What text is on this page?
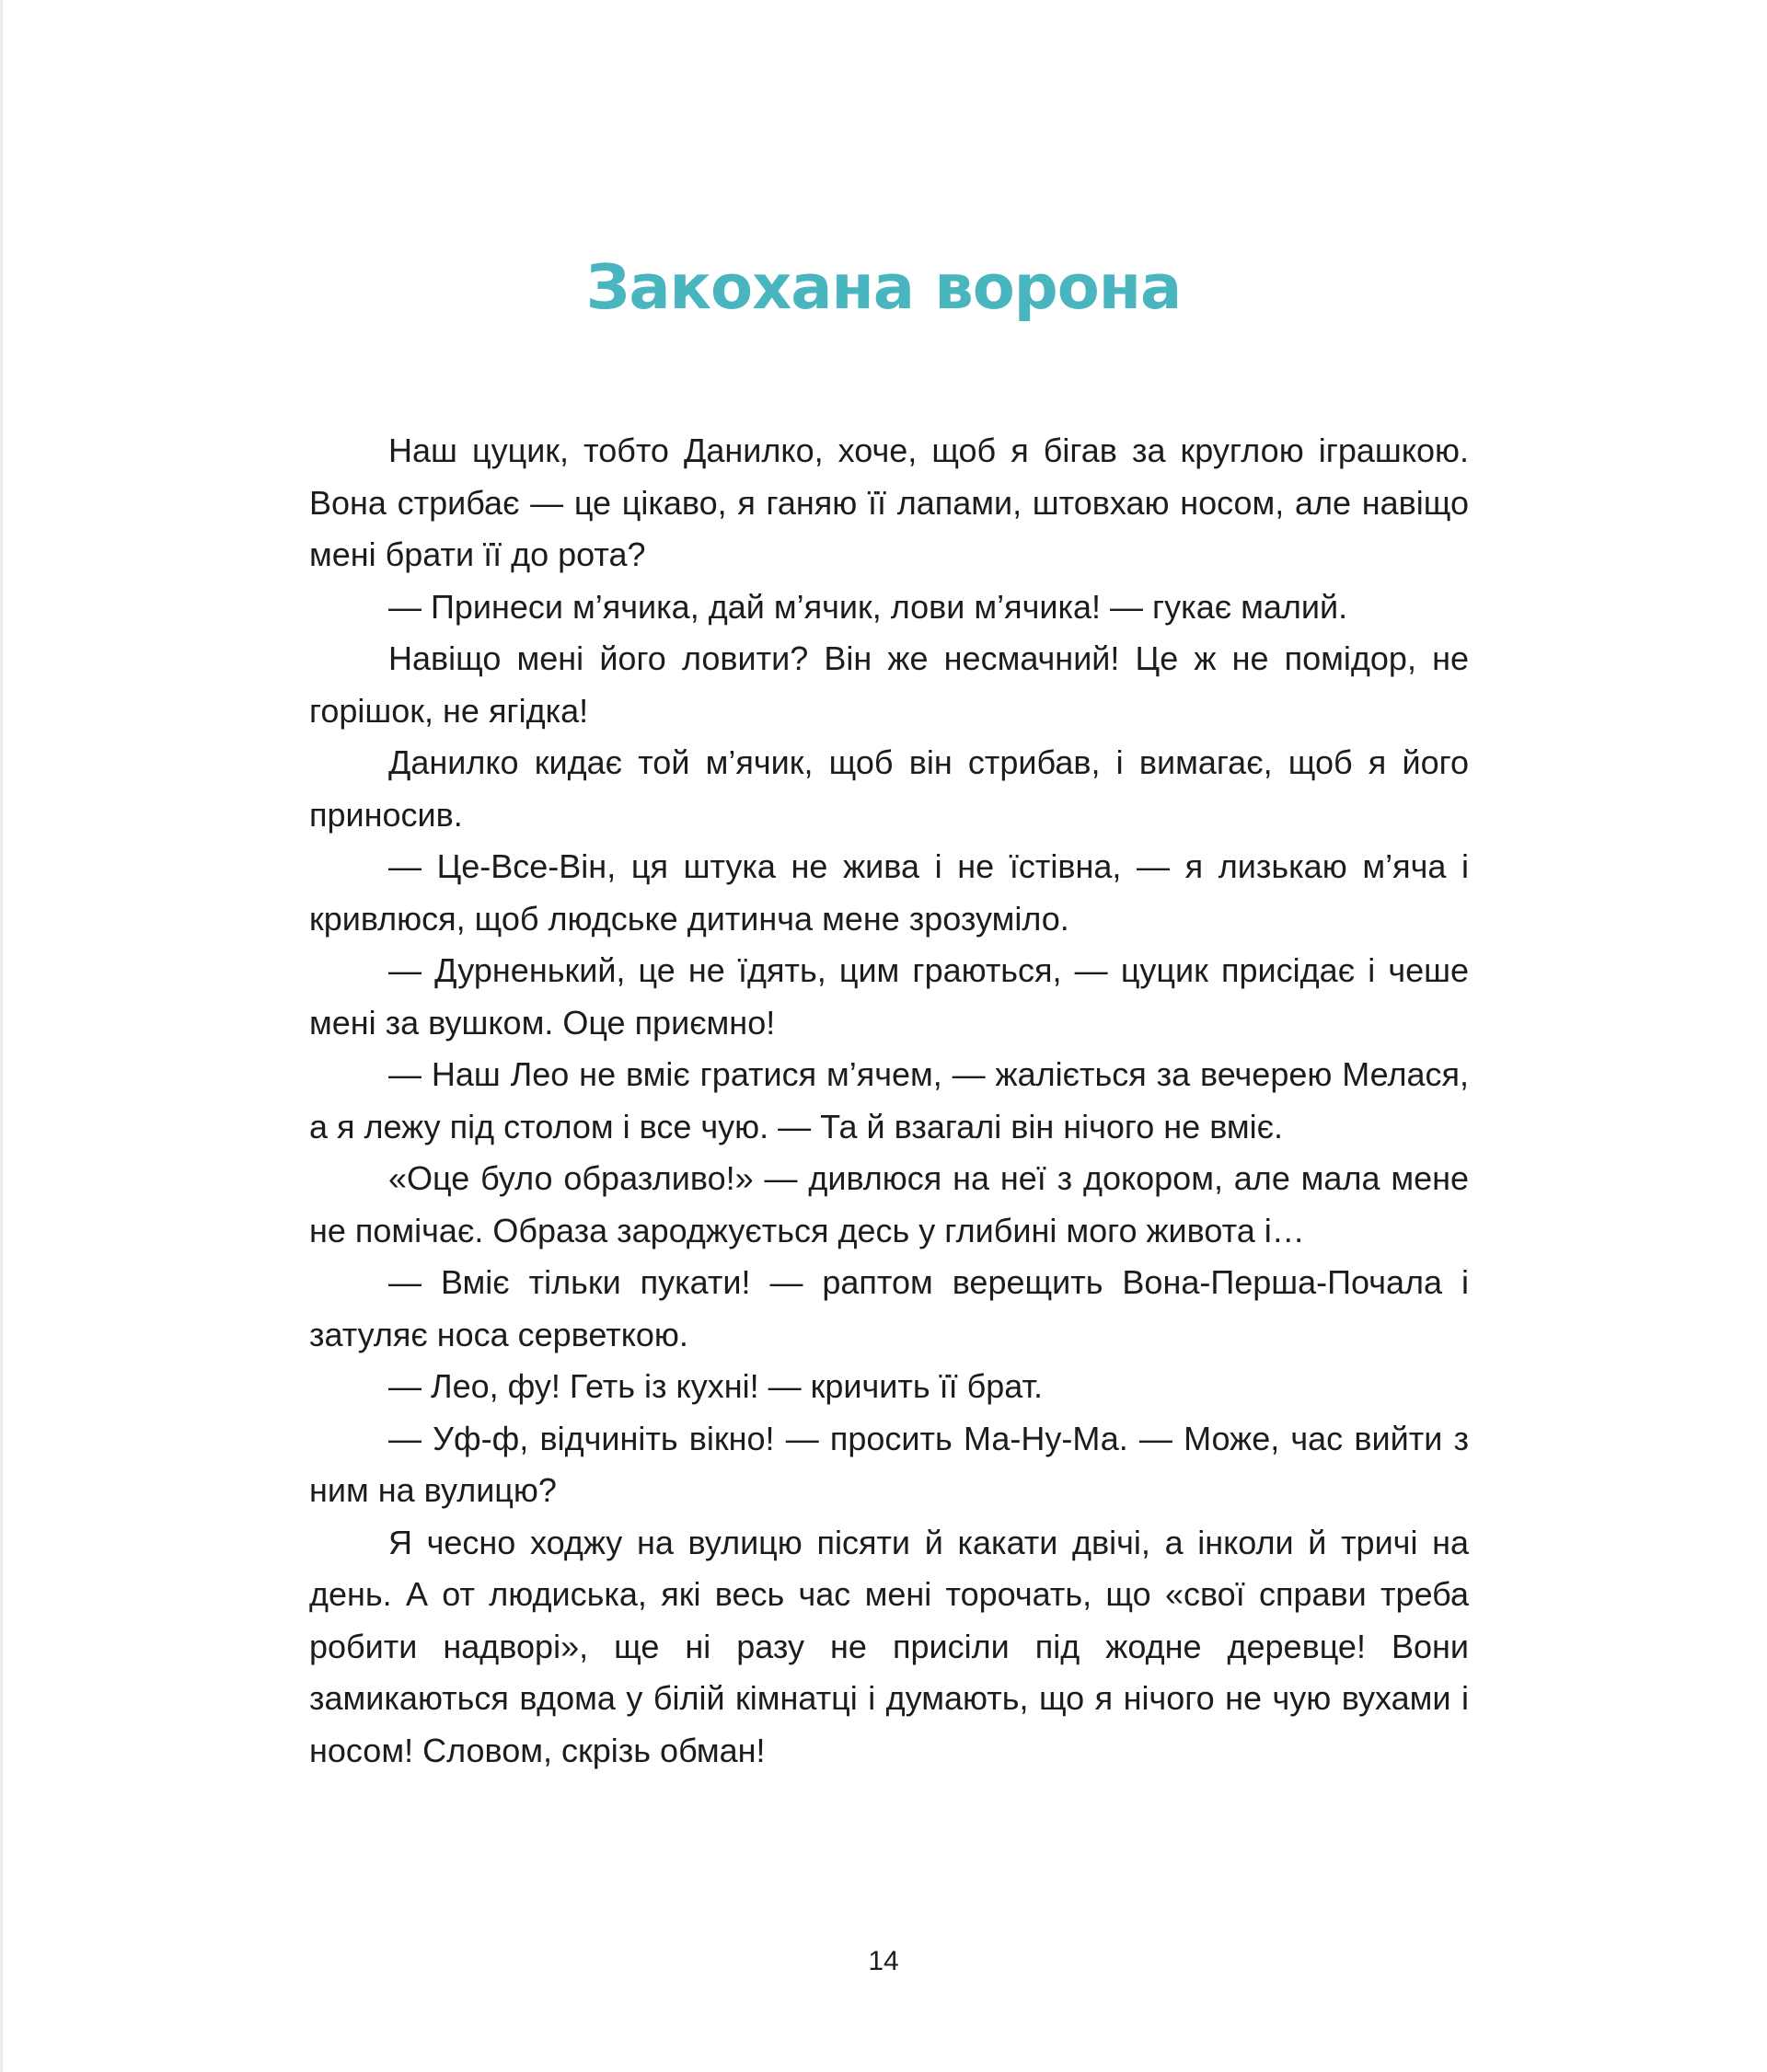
Закохана ворона

Наш цуцик, тобто Данилко, хоче, щоб я бігав за круглою іграшкою. Вона стрибає — це цікаво, я ганяю її лапами, штовхаю носом, але навіщо мені брати її до рота?

— Принеси м’ячика, дай м’ячик, лови м’ячика! — гукає малий.

Навіщо мені його ловити? Він же несмачний! Це ж не помідор, не горішок, не ягідка!

Данилко кидає той м’ячик, щоб він стрибав, і вимагає, щоб я його приносив.

— Це-Все-Він, ця штука не жива і не їстівна, — я лизькаю м’яча і кривлюся, щоб людське дитинча мене зрозуміло.

— Дурненький, це не їдять, цим граються, — цуцик присідає і чеше мені за вушком. Оце приємно!

— Наш Лео не вміє гратися м’ячем, — жаліється за вечерею Мелася, а я лежу під столом і все чую. — Та й взагалі він нічого не вміє.

«Оце було образливо!» — дивлюся на неї з докором, але мала мене не помічає. Образа зароджується десь у глибині мого живота і…

— Вміє тільки пукати! — раптом верещить Вона-Перша-Почала і затуляє носа серветкою.

— Лео, фу! Геть із кухні! — кричить її брат.

— Уф-ф, відчиніть вікно! — просить Ма-Ну-Ма. — Може, час вийти з ним на вулицю?

Я чесно ходжу на вулицю пісяти й какати двічі, а інколи й тричі на день. А от людиська, які весь час мені торочать, що «свої справи треба робити надворі», ще ні разу не присіли під жодне деревце! Вони замикаються вдома у білій кімнатці і думають, що я нічого не чую вухами і носом! Словом, скрізь обман!

14
